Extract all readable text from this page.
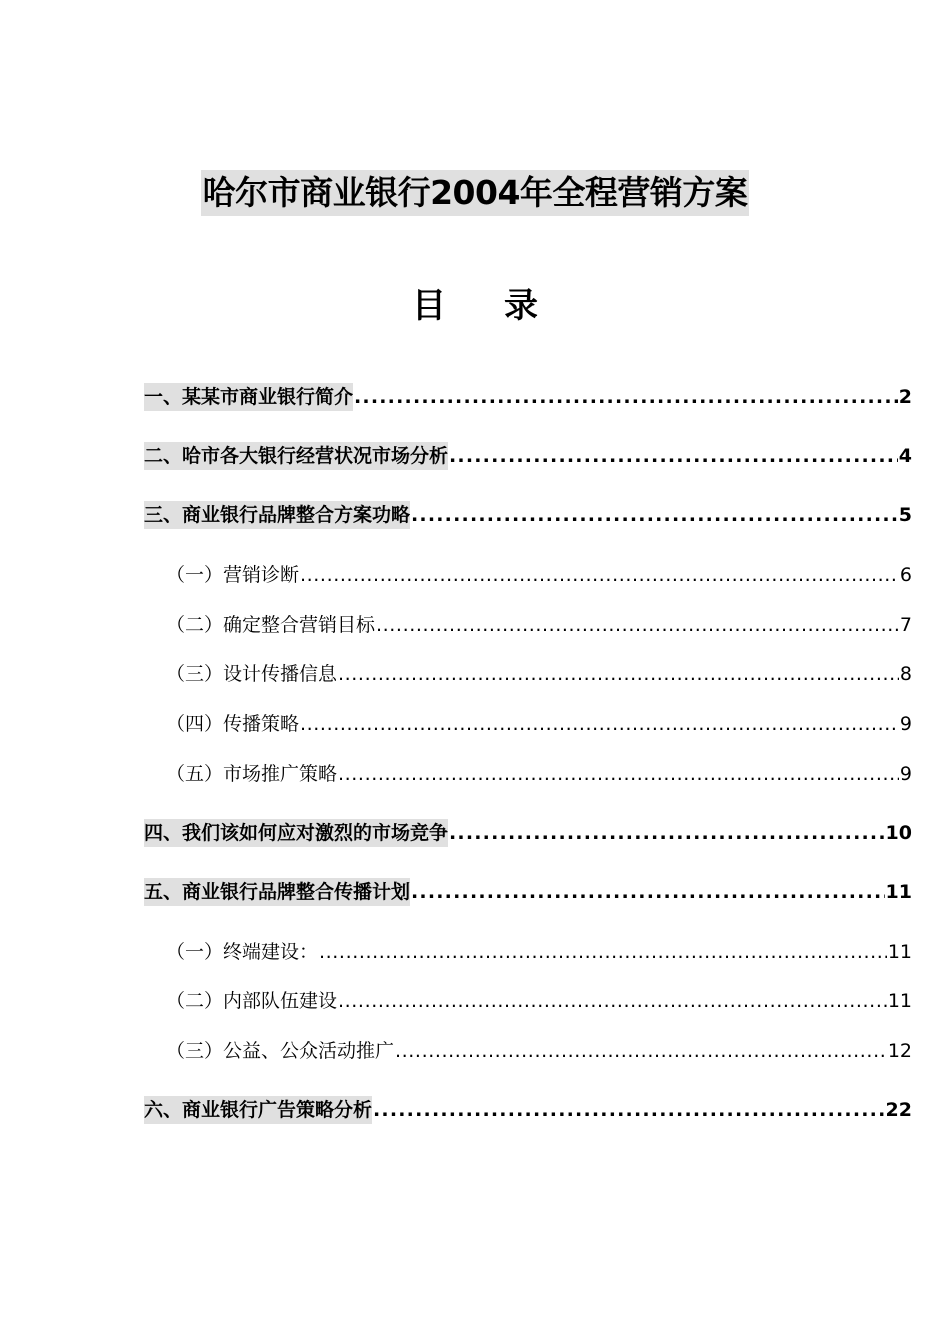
哈尔市商业银行2004年全程营销方案
目录
一、某某市商业银行简介 .....	2
二、哈市各大银行经营状况市场分析 .....	4
三、商业银行品牌整合方案功略 .....	5
（一）营销诊断 .....	6
（二）确定整合营销目标 .....	7
（三）设计传播信息 .....	8
（四）传播策略 .....	9
（五）市场推广策略 .....	9
四、我们该如何应对激烈的市场竞争 .....	10
五、商业银行品牌整合传播计划 .....	11
（一）终端建设： .....	11
（二）内部队伍建设 .....	11
（三）公益、公众活动推广 .....	12
六、商业银行广告策略分析 .....	22
